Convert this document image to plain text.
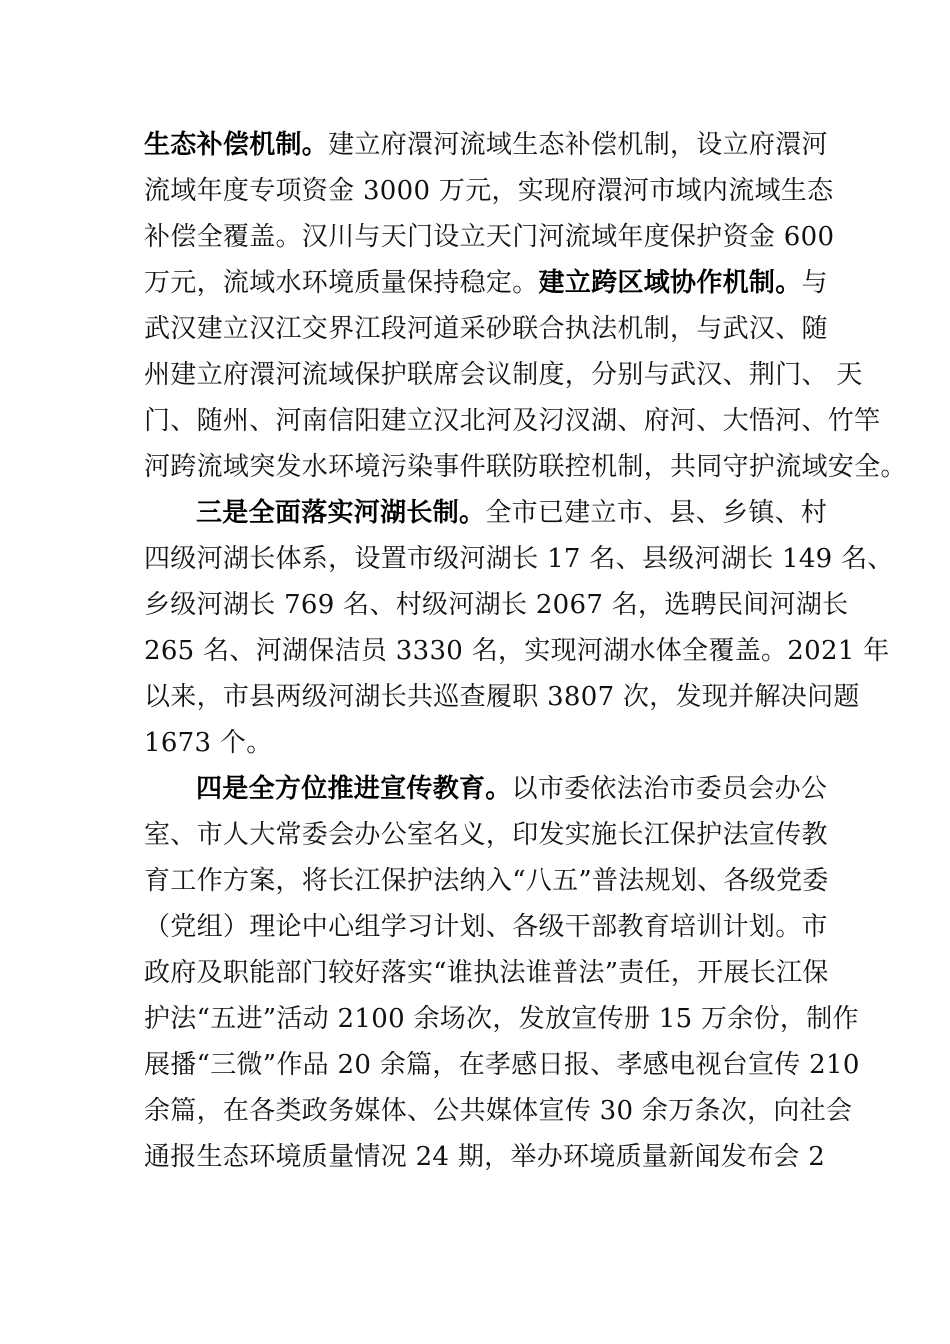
生态补偿机制。建立府澴河流域生态补偿机制，设立府澴河
流域年度专项资金 3000 万元，实现府澴河市域内流域生态
补偿全覆盖。汉川与天门设立天门河流域年度保护资金 600
万元，流域水环境质量保持稳定。建立跨区域协作机制。与
武汉建立汉江交界江段河道采砂联合执法机制，与武汉、随
州建立府澴河流域保护联席会议制度，分别与武汉、荆门、 天
门、随州、河南信阳建立汉北河及汈汊湖、府河、大悟河、竹竿
河跨流域突发水环境污染事件联防联控机制，共同守护流域安全。
三是全面落实河湖长制。全市已建立市、县、乡镇、村
四级河湖长体系，设置市级河湖长 17 名、县级河湖长 149 名、
乡级河湖长 769 名、村级河湖长 2067 名，选聘民间河湖长
265 名、河湖保洁员 3330 名，实现河湖水体全覆盖。2021 年
以来，市县两级河湖长共巡查履职 3807 次，发现并解决问题
1673 个。
四是全方位推进宣传教育。以市委依法治市委员会办公
室、市人大常委会办公室名义，印发实施长江保护法宣传教
育工作方案，将长江保护法纳入“八五”普法规划、各级党委
（党组）理论中心组学习计划、各级干部教育培训计划。市
政府及职能部门较好落实“谁执法谁普法”责任，开展长江保
护法“五进”活动 2100 余场次，发放宣传册 15 万余份，制作
展播“三微”作品 20 余篇，在孝感日报、孝感电视台宣传 210
余篇，在各类政务媒体、公共媒体宣传 30 余万条次，向社会
通报生态环境质量情况 24 期，举办环境质量新闻发布会 2
